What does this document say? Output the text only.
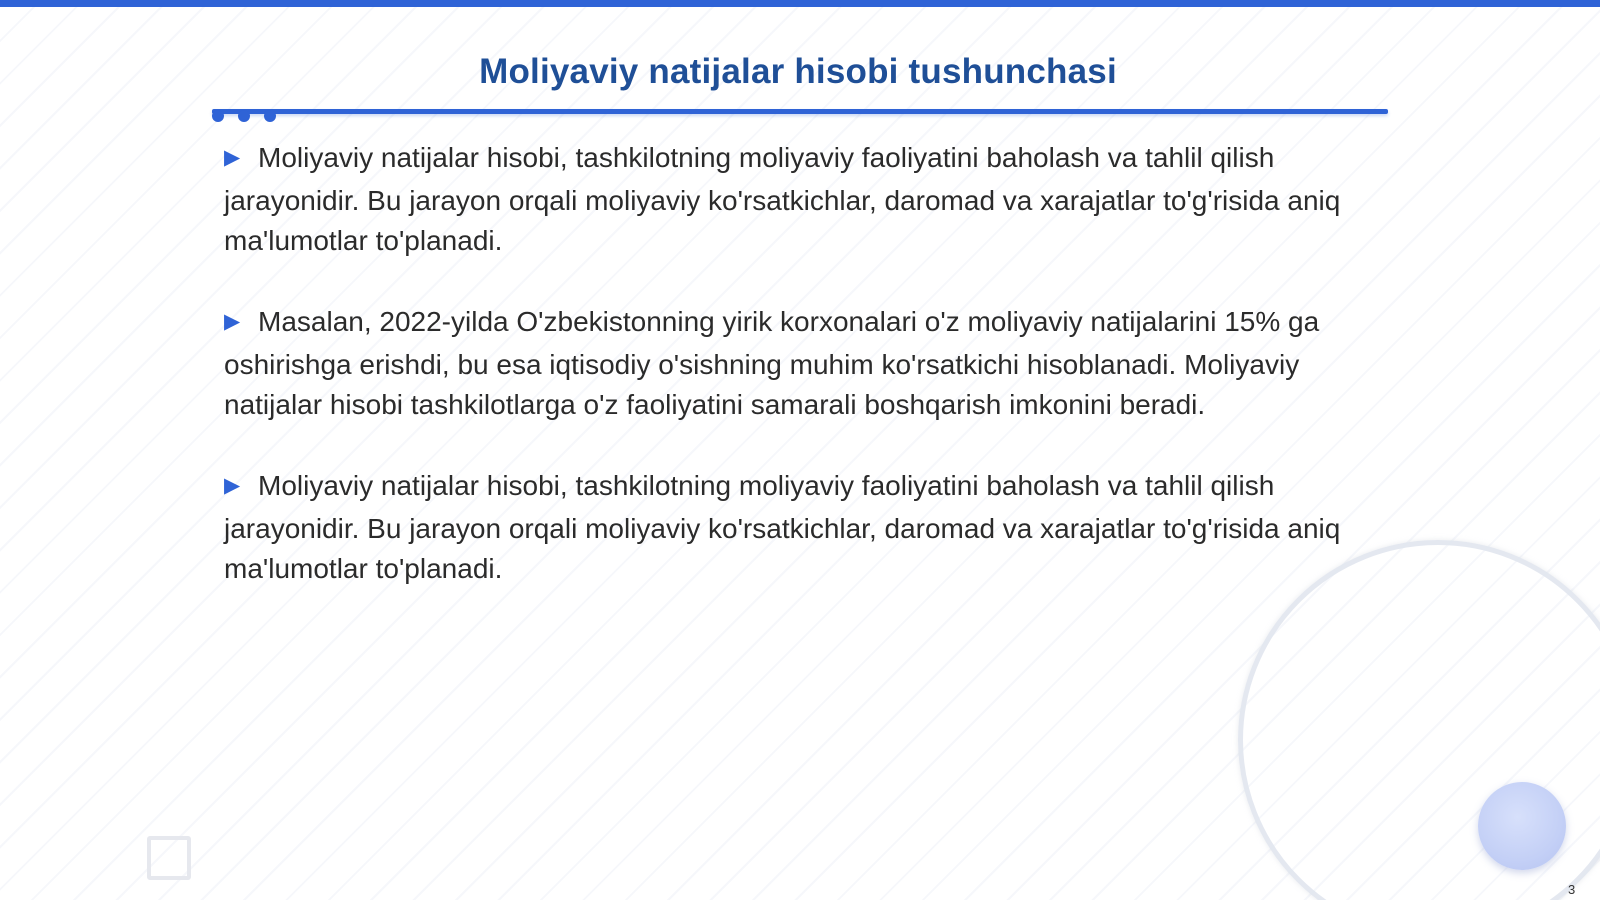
Moliyaviy natijalar hisobi tushunchasi

▶ Moliyaviy natijalar hisobi, tashkilotning moliyaviy faoliyatini baholash va tahlil qilish jarayonidir. Bu jarayon orqali moliyaviy ko'rsatkichlar, daromad va xarajatlar to'g'risida aniq ma'lumotlar to'planadi.

▶ Masalan, 2022-yilda O'zbekistonning yirik korxonalari o'z moliyaviy natijalarini 15% ga oshirishga erishdi, bu esa iqtisodiy o'sishning muhim ko'rsatkichi hisoblanadi. Moliyaviy natijalar hisobi tashkilotlarga o'z faoliyatini samarali boshqarish imkonini beradi.

▶ Moliyaviy natijalar hisobi, tashkilotning moliyaviy faoliyatini baholash va tahlil qilish jarayonidir. Bu jarayon orqali moliyaviy ko'rsatkichlar, daromad va xarajatlar to'g'risida aniq ma'lumotlar to'planadi.

3
